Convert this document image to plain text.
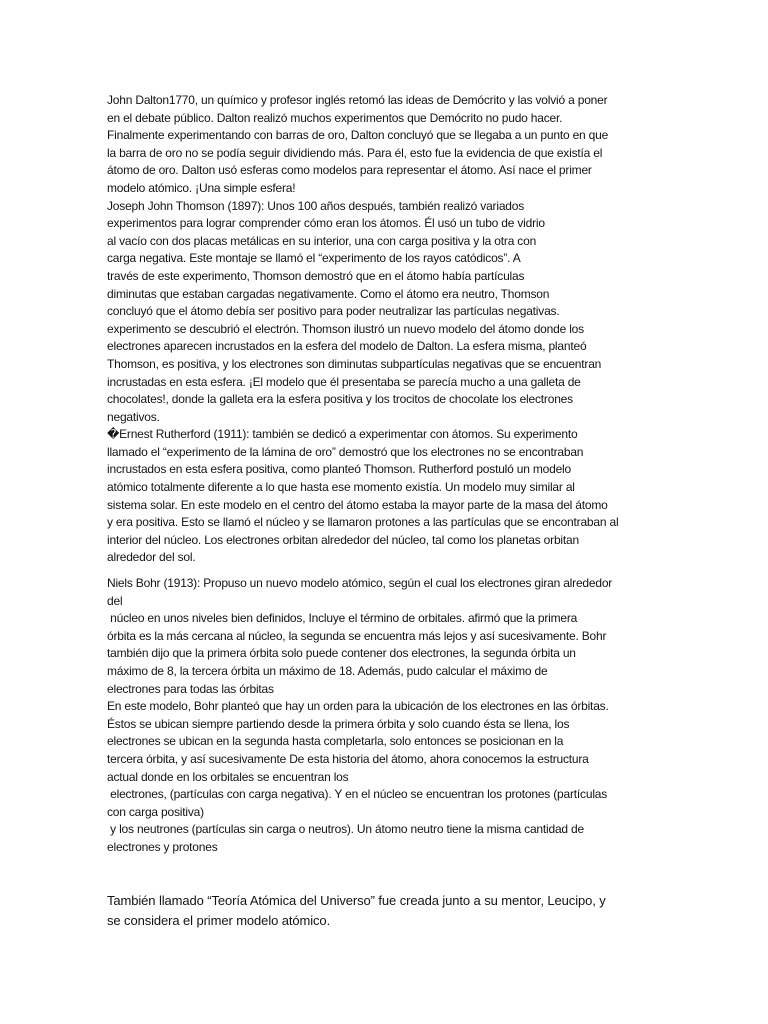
John Dalton1770, un químico y profesor inglés retomó las ideas de Demócrito y las volvió a poner
en el debate público. Dalton realizó muchos experimentos que Demócrito no pudo hacer.
Finalmente experimentando con barras de oro, Dalton concluyó que se llegaba a un punto en que
la barra de oro no se podía seguir dividiendo más. Para él, esto fue la evidencia de que existía el
átomo de oro. Dalton usó esferas como modelos para representar el átomo. Así nace el primer
modelo atómico. ¡Una simple esfera!
Joseph John Thomson (1897): Unos 100 años después, también realizó variados
experimentos para lograr comprender cómo eran los átomos. Él usó un tubo de vidrio
al vacío con dos placas metálicas en su interior, una con carga positiva y la otra con
carga negativa. Este montaje se llamó el “experimento de los rayos catódicos”. A
través de este experimento, Thomson demostró que en el átomo había partículas
diminutas que estaban cargadas negativamente. Como el átomo era neutro, Thomson
concluyó que el átomo debía ser positivo para poder neutralizar las partículas negativas.
experimento se descubrió el electrón. Thomson ilustró un nuevo modelo del átomo donde los
electrones aparecen incrustados en la esfera del modelo de Dalton. La esfera misma, planteó
Thomson, es positiva, y los electrones son diminutas subpartículas negativas que se encuentran
incrustadas en esta esfera. ¡El modelo que él presentaba se parecía mucho a una galleta de
chocolates!, donde la galleta era la esfera positiva y los trocitos de chocolate los electrones
negativos.
�Ernest Rutherford (1911): también se dedicó a experimentar con átomos. Su experimento
llamado el “experimento de la lámina de oro” demostró que los electrones no se encontraban
incrustados en esta esfera positiva, como planteó Thomson. Rutherford postuló un modelo
atómico totalmente diferente a lo que hasta ese momento existía. Un modelo muy similar al
sistema solar. En este modelo en el centro del átomo estaba la mayor parte de la masa del átomo
y era positiva. Esto se llamó el núcleo y se llamaron protones a las partículas que se encontraban al
interior del núcleo. Los electrones orbitan alrededor del núcleo, tal como los planetas orbitan
alrededor del sol.
Niels Bohr (1913): Propuso un nuevo modelo atómico, según el cual los electrones giran alrededor
del
núcleo en unos niveles bien definidos, Incluye el término de orbitales. afirmó que la primera
órbita es la más cercana al núcleo, la segunda se encuentra más lejos y así sucesivamente. Bohr
también dijo que la primera órbita solo puede contener dos electrones, la segunda órbita un
máximo de 8, la tercera órbita un máximo de 18. Además, pudo calcular el máximo de
electrones para todas las órbitas
En este modelo, Bohr planteó que hay un orden para la ubicación de los electrones en las órbitas.
Éstos se ubican siempre partiendo desde la primera órbita y solo cuando ésta se llena, los
electrones se ubican en la segunda hasta completarla, solo entonces se posicionan en la
tercera órbita, y así sucesivamente De esta historia del átomo, ahora conocemos la estructura
actual donde en los orbitales se encuentran los
electrones, (partículas con carga negativa). Y en el núcleo se encuentran los protones (partículas
con carga positiva)
y los neutrones (partículas sin carga o neutros). Un átomo neutro tiene la misma cantidad de
electrones y protones
También llamado “Teoría Atómica del Universo” fue creada junto a su mentor, Leucipo, y
se considera el primer modelo atómico.
